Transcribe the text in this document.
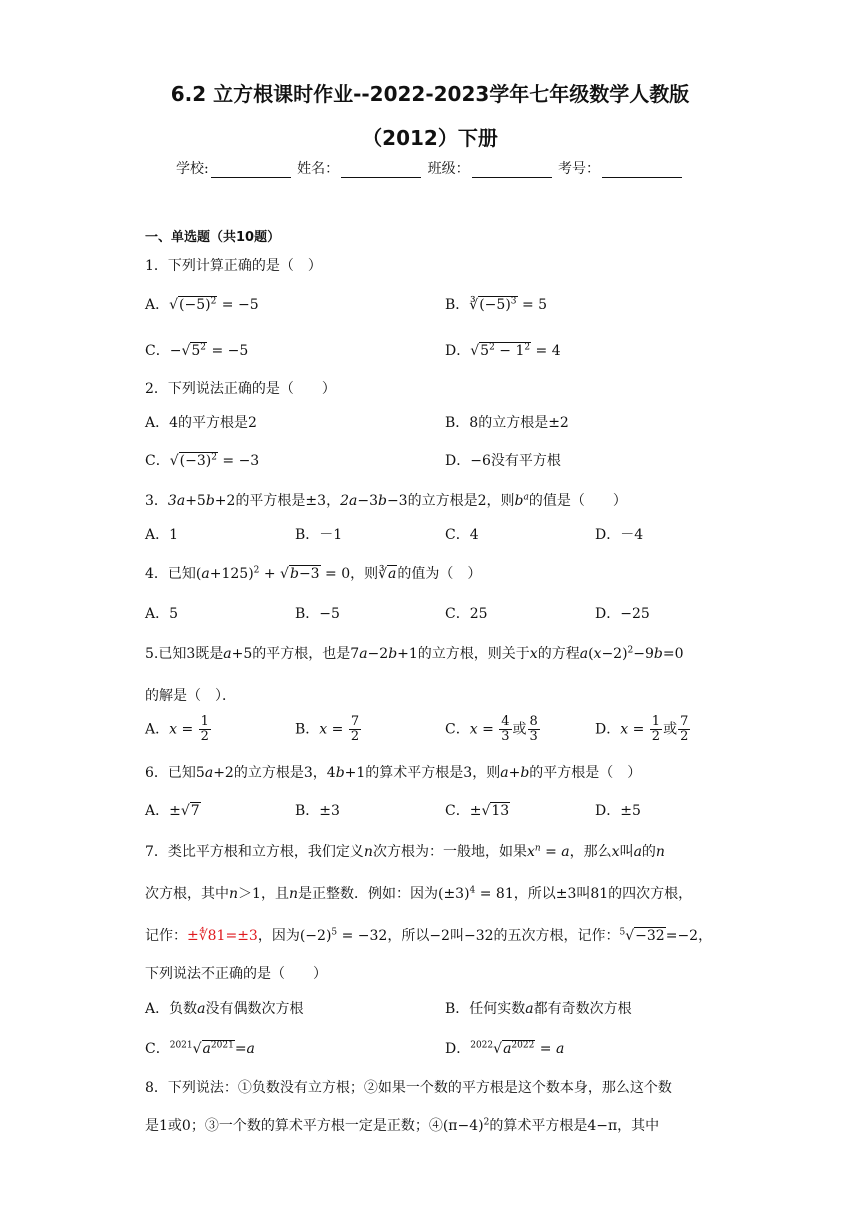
6.2 立方根课时作业--2022-2023学年七年级数学人教版
（2012）下册
学校:	姓名：	班级：	考号：
一、单选题（共10题）
1．下列计算正确的是（　）
A．$√(-5)^2 = -5$	B．$∛(-5)^3 = 5$
C．$-√5^2 = -5$	D．$√5^2 - 1^2 = 4$
2．下列说法正确的是（　　）
A．4的平方根是2	B．8的立方根是±2
C．$√(-3)^2 = -3$	D．−6没有平方根
3．3a+5b+2的平方根是±3，2a−3b−3的立方根是2，则$b^a$的值是（　　）
A．1	B．－1	C．4	D．－4
4．已知$(a+125)^2 + √b-3 = 0$，则∛a的值为（　）
A．5	B．−5	C．25	D．−25
5.已知3既是a+5的平方根，也是7a−2b+1的立方根，则关于x的方程$a(x-2)^2-9b=0$
的解是（　）．
A．$x = \frac{1}{2}$	B．$x = \frac{7}{2}$	C．$x = \frac{4}{3}$ 或 $\frac{8}{3}$	D．$x = \frac{1}{2}$ 或 $\frac{7}{2}$
6．已知5a+2的立方根是3，4b+1的算术平方根是3，则a+b的平方根是（　）
A．±√7	B．±3	C．±√13	D．±5
7．类比平方根和立方根，我们定义n次方根为：一般地，如果$x^n = a$，那么x叫a的n
次方根，其中n＞1，且n是正整数．例如：因为$(\pm 3)^4 = 81$，所以±3叫81的四次方根，
记作：±∜81=±3，因为$(-2)^5 = -32$，所以−2叫−32的五次方根，记作：$^5$√−32=−2，
下列说法不正确的是（　　）
A．负数a没有偶数次方根	B．任何实数a都有奇数次方根
C．$^{2021}√a^{2021}=a$	D．$^{2022}√a^{2022} = a$
8．下列说法：①负数没有立方根；②如果一个数的平方根是这个数本身，那么这个数
是1或0；③一个数的算术平方根一定是正数；$④(\pi-4)^2$的算术平方根是4−π，其中
